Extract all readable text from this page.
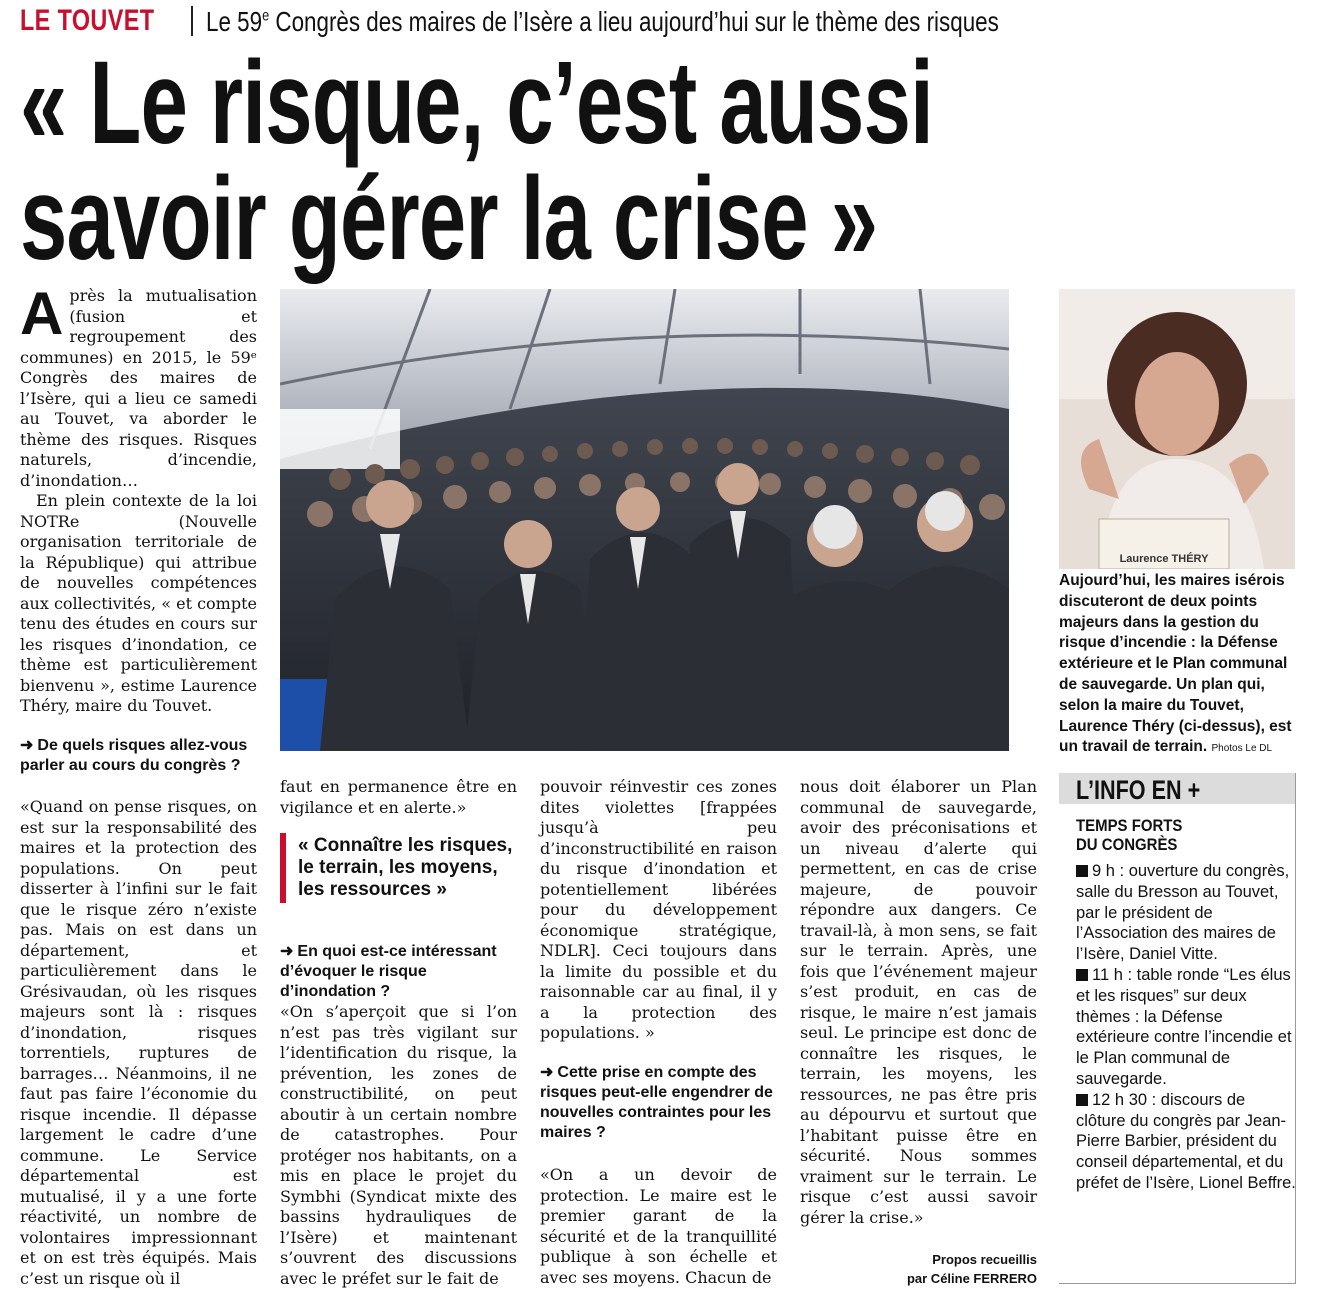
LE TOUVET Le 59e Congrès des maires de l’Isère a lieu aujourd’hui sur le thème des risques
« Le risque, c’est aussi
savoir gérer la crise »

Après la mutualisation (fusion et regroupement des communes) en 2015, le 59ᵉ Congrès des maires de l’Isère, qui a lieu ce samedi au Touvet, va aborder le thème des risques. Risques naturels, d’incendie, d’inondation…

En plein contexte de la loi NOTRe (Nouvelle organisation territoriale de la République) qui attribue de nouvelles compétences aux collectivités, « et compte tenu des études en cours sur les risques d’inondation, ce thème est particulièrement bienvenu », estime Laurence Théry, maire du Touvet.

➜ De quels risques allez-vous parler au cours du congrès ?

«Quand on pense risques, on est sur la responsabilité des maires et la protection des populations. On peut disserter à l’infini sur le fait que le risque zéro n’existe pas. Mais on est dans un département, et particulièrement dans le Grésivaudan, où les risques majeurs sont là : risques d’inondation, risques torrentiels, ruptures de barrages… Néanmoins, il ne faut pas faire l’économie du risque incendie. Il dépasse largement le cadre d’une commune. Le Service départemental est mutualisé, il y a une forte réactivité, un nombre de volontaires impressionnant et on est très équipés. Mais c’est un risque où il

faut en permanence être en vigilance et en alerte.»

« Connaître les risques, le terrain, les moyens, les ressources »
➜ En quoi est-ce intéressant d’évoquer le risque d’inondation ?

«On s’aperçoit que si l’on n’est pas très vigilant sur l’identification du risque, la prévention, les zones de constructibilité, on peut aboutir à un certain nombre de catastrophes. Pour protéger nos habitants, on a mis en place le projet du Symbhi (Syndicat mixte des bassins hydrauliques de l’Isère) et maintenant s’ouvrent des discussions avec le préfet sur le fait de

pouvoir réinvestir ces zones dites violettes [frappées jusqu’à peu d’inconstructibilité en raison du risque d’inondation et potentiellement libérées pour du développement économique stratégique, NDLR]. Ceci toujours dans la limite du possible et du raisonnable car au final, il y a la protection des populations. »

➜ Cette prise en compte des risques peut-elle engendrer de nouvelles contraintes pour les maires ?

«On a un devoir de protection. Le maire est le premier garant de la sécurité et de la tranquillité publique à son échelle et avec ses moyens. Chacun de

nous doit élaborer un Plan communal de sauvegarde, avoir des préconisations et un niveau d’alerte qui permettent, en cas de crise majeure, de pouvoir répondre aux dangers. Ce travail-là, à mon sens, se fait sur le terrain. Après, une fois que l’événement majeur s’est produit, en cas de risque, le maire n’est jamais seul. Le principe est donc de connaître les risques, le terrain, les moyens, les ressources, ne pas être pris au dépourvu et surtout que l’habitant puisse être en sécurité. Nous sommes vraiment sur le terrain. Le risque c’est aussi savoir gérer la crise.»

Propos recueillis
par Céline FERRERO
Laurence THÉRY
Aujourd’hui, les maires isérois discuteront de deux points majeurs dans la gestion du risque d’incendie : la Défense extérieure et le Plan communal de sauvegarde. Un plan qui, selon la maire du Touvet, Laurence Théry (ci-dessus), est un travail de terrain. Photos Le DL
L’INFO EN +
TEMPS FORTS
DU CONGRÈS

9 h : ouverture du congrès, salle du Bresson au Touvet, par le président de l’Association des maires de l’Isère, Daniel Vitte.

11 h : table ronde “Les élus et les risques” sur deux thèmes : la Défense extérieure contre l’incendie et le Plan communal de sauvegarde.

12 h 30 : discours de clôture du congrès par Jean-Pierre Barbier, président du conseil départemental, et du préfet de l’Isère, Lionel Beffre.
